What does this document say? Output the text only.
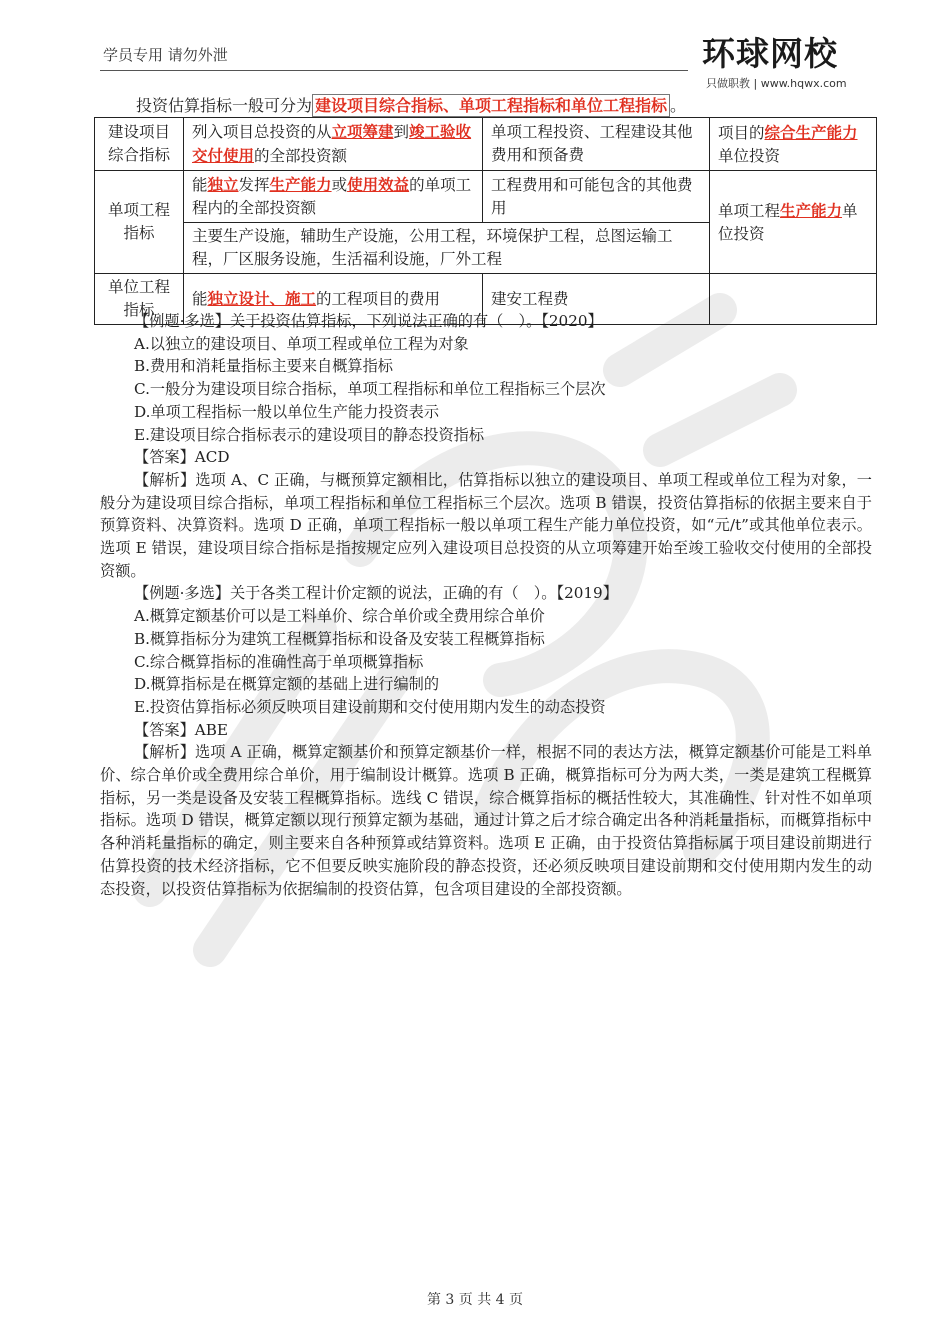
学员专用 请勿外泄	环球网校
只做职教 | www.hqwx.com
投资估算指标一般可分为 建设项目综合指标、单项工程指标和单位工程指标 。
建设项目综合指标	列入项目总投资的从立项筹建到竣工验收交付使用的全部投资额	单项工程投资、工程建设其他费用和预备费	项目的综合生产能力单位投资
单项工程指标	能独立发挥生产能力或使用效益的单项工程内的全部投资额	工程费用和可能包含的其他费用	单项工程生产能力单位投资
	主要生产设施，辅助生产设施，公用工程，环境保护工程，总图运输工程，厂区服务设施，生活福利设施，厂外工程		
单位工程指标	能独立设计、施工的工程项目的费用	建安工程费	

【例题·多选】关于投资估算指标，下列说法正确的有（　）。【2020】

A.以独立的建设项目、单项工程或单位工程为对象

B.费用和消耗量指标主要来自概算指标

C.一般分为建设项目综合指标，单项工程指标和单位工程指标三个层次

D.单项工程指标一般以单位生产能力投资表示

E.建设项目综合指标表示的建设项目的静态投资指标

【答案】ACD

【解析】选项 A、C 正确，与概预算定额相比，估算指标以独立的建设项目、单项工程或单位工程为对象，一般分为建设项目综合指标，单项工程指标和单位工程指标三个层次。选项 B 错误，投资估算指标的依据主要来自于预算资料、决算资料。选项 D 正确，单项工程指标一般以单项工程生产能力单位投资，如“元/t”或其他单位表示。选项 E 错误，建设项目综合指标是指按规定应列入建设项目总投资的从立项筹建开始至竣工验收交付使用的全部投资额。

【例题·多选】关于各类工程计价定额的说法，正确的有（　）。【2019】

A.概算定额基价可以是工料单价、综合单价或全费用综合单价

B.概算指标分为建筑工程概算指标和设备及安装工程概算指标

C.综合概算指标的准确性高于单项概算指标

D.概算指标是在概算定额的基础上进行编制的

E.投资估算指标必须反映项目建设前期和交付使用期内发生的动态投资

【答案】ABE

【解析】选项 A 正确，概算定额基价和预算定额基价一样，根据不同的表达方法，概算定额基价可能是工料单价、综合单价或全费用综合单价，用于编制设计概算。选项 B 正确，概算指标可分为两大类，一类是建筑工程概算指标，另一类是设备及安装工程概算指标。选线 C 错误，综合概算指标的概括性较大，其准确性、针对性不如单项指标。选项 D 错误，概算定额以现行预算定额为基础，通过计算之后才综合确定出各种消耗量指标，而概算指标中各种消耗量指标的确定，则主要来自各种预算或结算资料。选项 E 正确，由于投资估算指标属于项目建设前期进行估算投资的技术经济指标，它不但要反映实施阶段的静态投资，还必须反映项目建设前期和交付使用期内发生的动态投资，以投资估算指标为依据编制的投资估算，包含项目建设的全部投资额。

第 3 页 共 4 页
